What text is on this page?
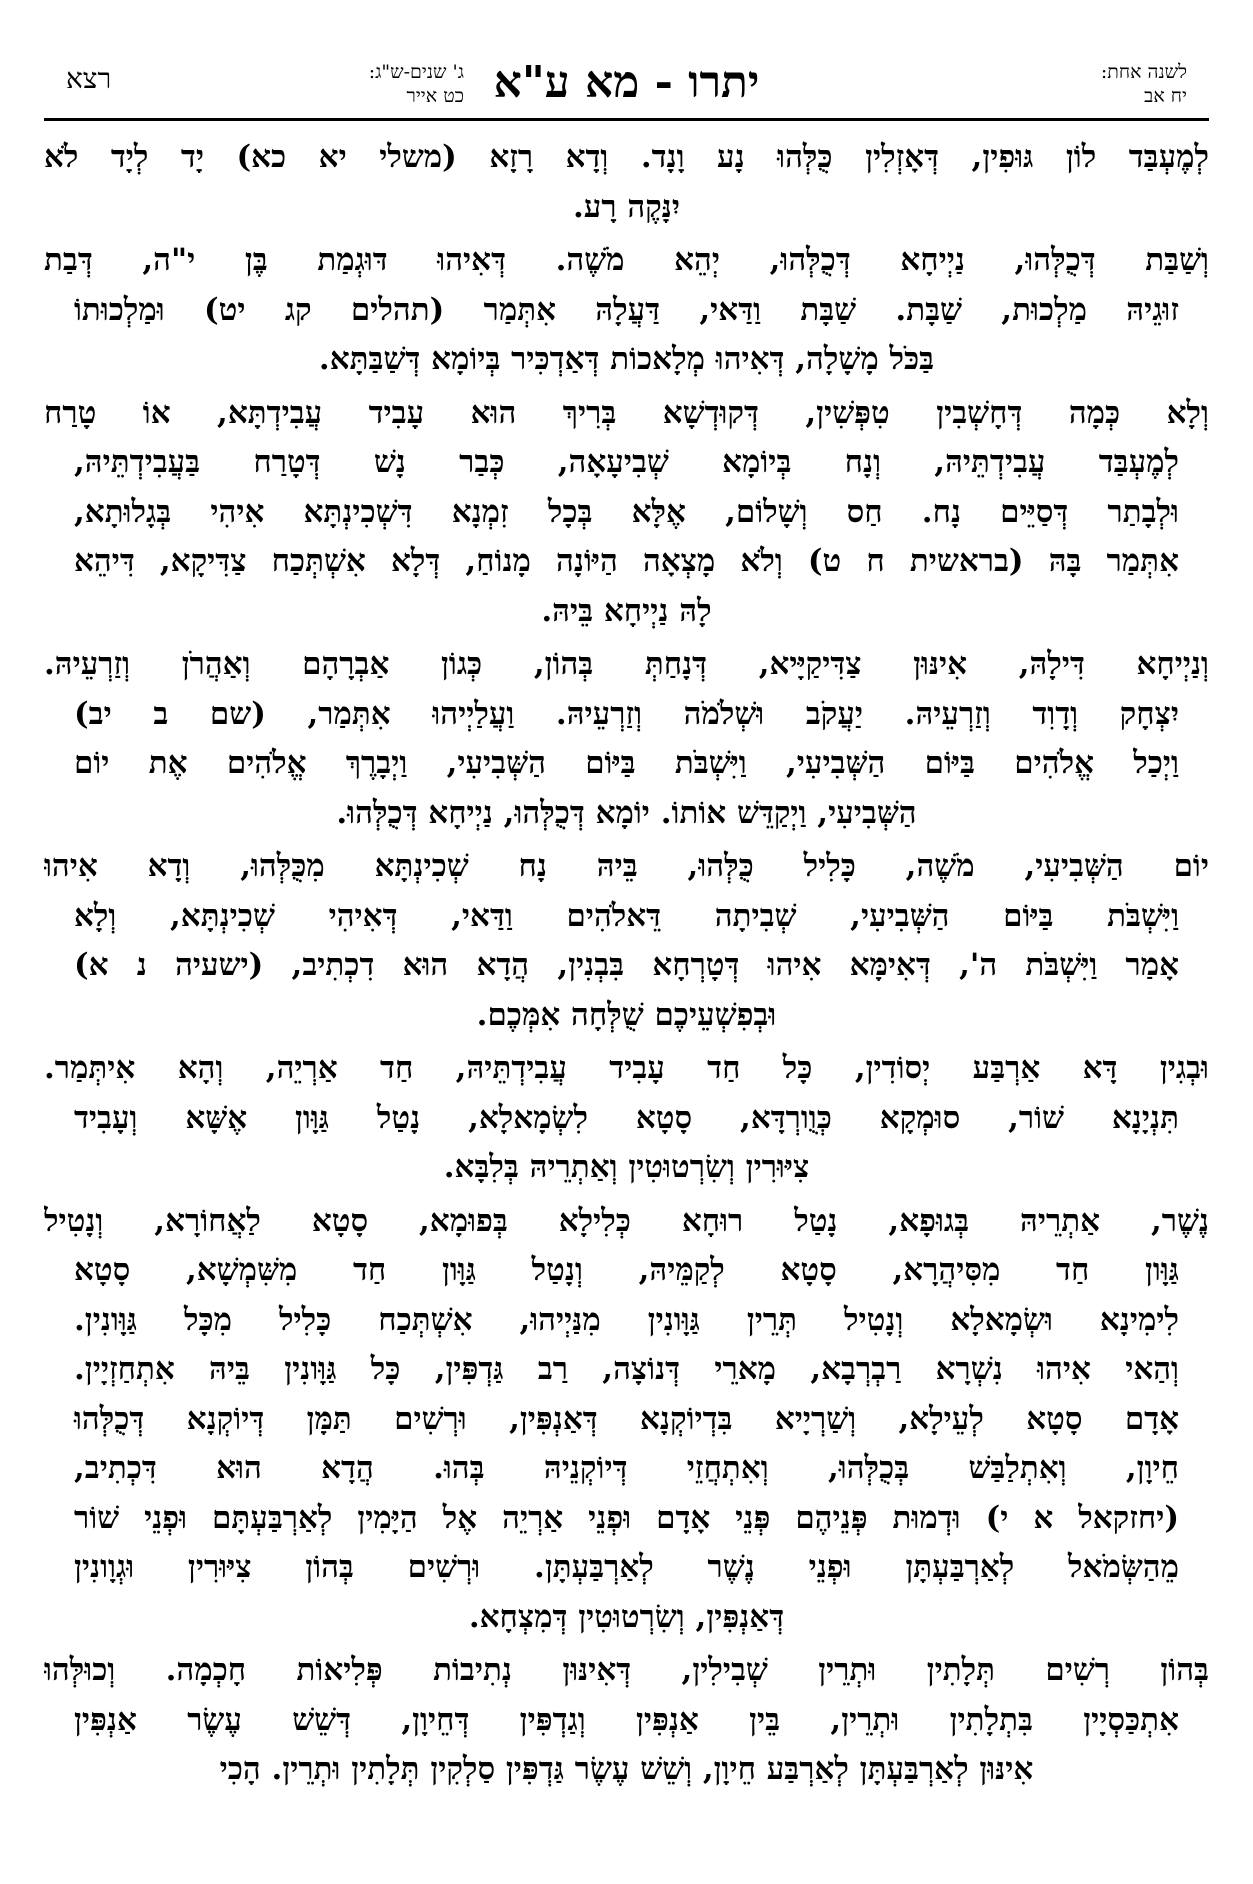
לשנה אחת:
יח אב
יתרו - מא ע"א
ג' שנים-ש"ג:
כט אייר
רצא
לְמֶעְבַּד לוֹן גּוּפִין, דְּאָזְלִין כֻּלְּהוּ נָע וָנָד. וְדָא רָזָא (משלי יא כא) יָד לְיָד לֹא
יִנָּקֶה רָע.
וְשַׁבַּת דְּכֻלְּהוּ, נַיְיחָא דְּכֻלְּהוּ, יְהֵא מֹשֶׁה. דְּאִיהוּ דּוּגְמַת בֶּן י"ה, דְּבַת
זוּגֵיהּ מַלְכוּת, שַׁבָּת. שַׁבָּת וַדַּאי, דַּעֲלָהּ אִתְּמַר (תהלים קג יט) וּמַלְכוּתוֹ
בַּכֹּל מָשָׁלָה, דְּאִיהוּ מְלָאכוֹת דְּאַדְכִּיר בְּיוֹמָא דְּשַׁבַּתָּא.
וְלָא כְּמָה דְּחָשְׁבִין טִפְּשִׁין, דְּקוּדְשָׁא בְּרִיךְ הוּא עָבִיד עֲבִידְתָּא, אוֹ טָרַח
לְמֶעְבַּד עֲבִידְתֵּיהּ, וְנָח בְּיוֹמָא שְׁבִיעָאָה, כְּבַר נָשׁ דְּטָרַח בַּעֲבִידְתֵּיהּ,
וּלְבָתַר דְּסַיֵּים נָח. חַס וְשָׁלוֹם, אֶלָּא בְּכָל זִמְנָא דִּשְׁכִינְתָּא אִיהִי בְּגָלוּתָא,
אִתְּמַר בָּהּ (בראשית ח ט) וְלֹא מָצְאָה הַיּוֹנָה מָנוֹחַ, דְּלָא אִשְׁתְּכַח צַדִּיקָא, דִּיהֵא
לָהּ נַיְיחָא בֵּיהּ.
וְנַיְיחָא דִּילָהּ, אִינּוּן צַדִּיקַיָּיא, דְּנָחַתְּ בְּהוֹן, כְּגוֹן אַבְרָהָם וְאַהֲרֹן וְזַרְעֵיהּ.
יִצְחָק וְדָוִד וְזַרְעֵיהּ. יַעֲקֹב וּשְׁלֹמֹה וְזַרְעֵיהּ. וַעֲלַיְיהוּ אִתְּמַר, (שם ב יב)
וַיְכַל אֱלֹהִים בַּיּוֹם הַשְּׁבִיעִי, וַיִּשְׁבֹּת בַּיּוֹם הַשְּׁבִיעִי, וַיְבָרֶךְ אֱלֹהִים אֶת יוֹם
הַשְּׁבִיעִי, וַיְקַדֵּשׁ אוֹתוֹ. יוֹמָא דְּכֻלְּהוּ, נַיְיחָא דְּכֻלְּהוּ.
יוֹם הַשְּׁבִיעִי, מֹשֶׁה, כָּלִיל כֻּלְּהוּ, בֵּיהּ נָח שְׁכִינְתָּא מִכֻּלְּהוּ, וְדָא אִיהוּ
וַיִּשְׁבֹּת בַּיּוֹם הַשְּׁבִיעִי, שְׁבִיתָה דֵּאלֹהִים וַדַּאי, דְּאִיהִי שְׁכִינְתָּא, וְלָא
אָמַר וַיִּשְׁבֹּת ה', דְּאִימָּא אִיהוּ דְּטָרְחָא בִּבְנִין, הֲדָא הוּא דִכְתִיב, (ישעיה נ א)
וּבְפִשְׁעֵיכֶם שֻׁלְּחָה אִמְּכֶם.
וּבְגִין דָּא אַרְבַּע יְסוֹדִין, כָּל חַד עָבִיד עֲבִידְתֵּיהּ, חַד אַרְיֵה, וְהָא אִיתְּמַר.
תִּנְיָנָא שׁוֹר, סוּמְקָא כְּוֻורְדָּא, סָטָא לִשְׂמָאלָא, נָטַל גַּוָּון אֶשָּׁא וְעָבִיד
צִיּוּרִין וְשִׂרְטוּטִין וְאַתְרֵיהּ בְּלִבָּא.
נֶשֶׁר, אַתְרֵיהּ בְּגוּפָא, נָטַל רוּחָא כְּלִילָא בְּפוּמָא, סָטָא לַאֲחוֹרָא, וְנָטִיל
גַּוָּון חַד מִסִּיהֲרָא, סָטָא לְקַמֵּיהּ, וְנָטַל גַּוָּון חַד מִשִּׁמְשָׁא, סָטָא
לִימִינָא וּשְׂמָאלָא וְנָטִיל תְּרֵין גַּוָּונִין מִנַּיְיהוּ, אִשְׁתְּכַח כָּלִיל מִכָּל גַּוָּונִין.
וְהַאי אִיהוּ נִשְׁרָא רַבְרְבָא, מָארֵי דְּנוֹצָה, רַב גַּדְפִּין, כָּל גַּוָּונִין בֵּיהּ אִתְחַזְיָין.
אָדָם סָטָא לְעֵילָא, וְשַׁרְיָיא בִּדְיוֹקְנָא דְּאַנְפִּין, וּרְשִׁים תַּמָּן דְּיוֹקְנָא דְּכֻלְּהוּ
חֵיוָן, וְאִתְלַבַּשׁ בְּכֻלְּהוּ, וְאִתְחֲזֵי דְּיוֹקְנֵיהּ בְּהוּ. הֲדָא הוּא דִּכְתִיב,
(יחזקאל א י) וּדְמוּת פְּנֵיהֶם פְּנֵי אָדָם וּפְנֵי אַרְיֵה אֶל הַיָּמִין לְאַרְבַּעְתָּם וּפְנֵי שׁוֹר
מֵהַשְּׂמֹאל לְאַרְבַּעְתָּן וּפְנֵי נֶשֶׁר לְאַרְבַּעְתָּן. וּרְשִׁים בְּהוֹן צִיּוּרִין וּגְוָונִין
דְּאַנְפִּין, וְשִׂרְטוּטִין דְּמִצְחָא.
בְּהוֹן רְשִׁים תְּלָתִין וּתְרֵין שְׁבִילִין, דְּאִינּוּן נְתִיבוֹת פְּלִיאוֹת חָכְמָה. וְכוּלְּהוּ
אִתְכַּסְיָין בִּתְלָתִין וּתְרֵין, בֵּין אַנְפִּין וְגַדְפִּין דְּחֵיוָן, דְּשֵׁשׁ עֶשֶׂר אַנְפִּין
אִינּוּן לְאַרְבַּעְתָּן לְאַרְבַּע חֵיוָן, וְשֵׁשׁ עֶשֶׂר גַּדְפִּין סַלְקִין תְּלָתִין וּתְרֵין. הָכִי
